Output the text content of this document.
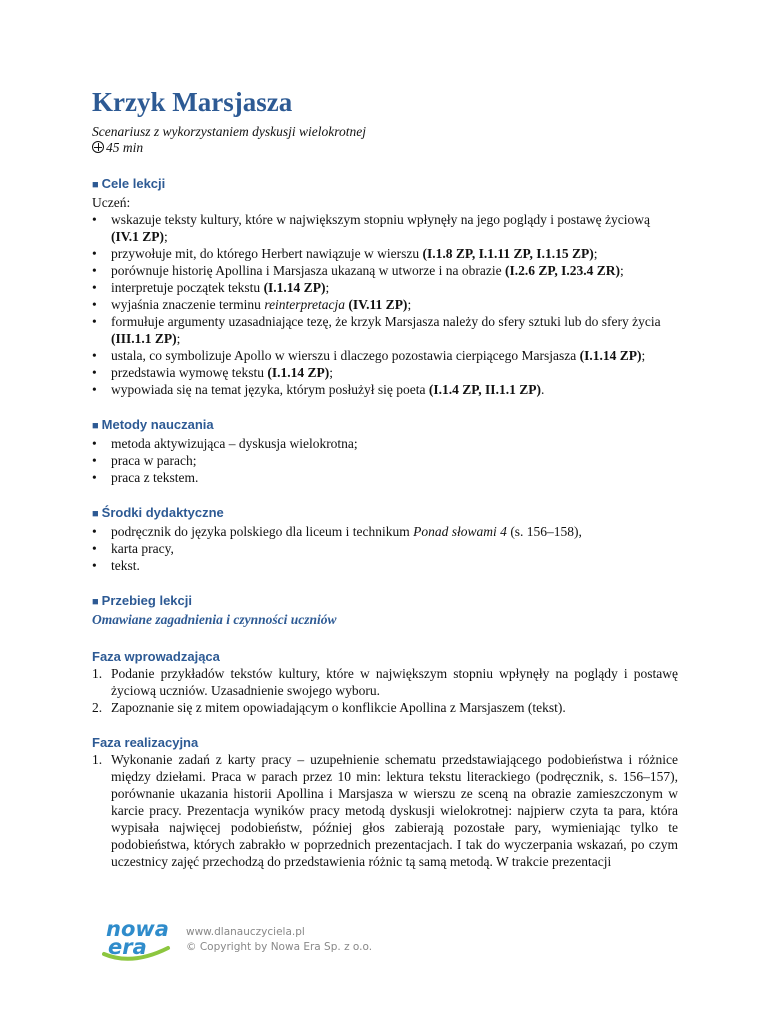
Krzyk Marsjasza
Scenariusz z wykorzystaniem dyskusji wielokrotnej
45 min
■ Cele lekcji
Uczeń:
• wskazuje teksty kultury, które w największym stopniu wpłynęły na jego poglądy i postawę życiową (IV.1 ZP);
• przywołuje mit, do którego Herbert nawiązuje w wierszu (I.1.8 ZP, I.1.11 ZP, I.1.15 ZP);
• porównuje historię Apollina i Marsjasza ukazaną w utworze i na obrazie (I.2.6 ZP, I.23.4 ZR);
• interpretuje początek tekstu (I.1.14 ZP);
• wyjaśnia znaczenie terminu reinterpretacja (IV.11 ZP);
• formułuje argumenty uzasadniające tezę, że krzyk Marsjasza należy do sfery sztuki lub do sfery życia (III.1.1 ZP);
• ustala, co symbolizuje Apollo w wierszu i dlaczego pozostawia cierpiącego Marsjasza (I.1.14 ZP);
• przedstawia wymowę tekstu (I.1.14 ZP);
• wypowiada się na temat języka, którym posłużył się poeta (I.1.4 ZP, II.1.1 ZP).
■ Metody nauczania
• metoda aktywizująca – dyskusja wielokrotna;
• praca w parach;
• praca z tekstem.
■ Środki dydaktyczne
• podręcznik do języka polskiego dla liceum i technikum Ponad słowami 4 (s. 156–158),
• karta pracy,
• tekst.
■ Przebieg lekcji
Omawiane zagadnienia i czynności uczniów
Faza wprowadzająca
1. Podanie przykładów tekstów kultury, które w największym stopniu wpłynęły na poglądy i postawę życiową uczniów. Uzasadnienie swojego wyboru.
2. Zapoznanie się z mitem opowiadającym o konflikcie Apollina z Marsjaszem (tekst).
Faza realizacyjna
1. Wykonanie zadań z karty pracy – uzupełnienie schematu przedstawiającego podobieństwa i różnice między dziełami. Praca w parach przez 10 min: lektura tekstu literackiego (podręcznik, s. 156–157), porównanie ukazania historii Apollina i Marsjasza w wierszu ze sceną na obrazie zamieszczonym w karcie pracy. Prezentacja wyników pracy metodą dyskusji wielokrotnej: najpierw czyta ta para, która wypisała najwięcej podobieństw, później głos zabierają pozostałe pary, wymieniając tylko te podobieństwa, których zabrakło w poprzednich prezentacjach. I tak do wyczerpania wskazań, po czym uczestnicy zajęć przechodzą do przedstawienia różnic tą samą metodą. W trakcie prezentacji
nowa
era
www.dlanauczyciela.pl
© Copyright by Nowa Era Sp. z o.o.
